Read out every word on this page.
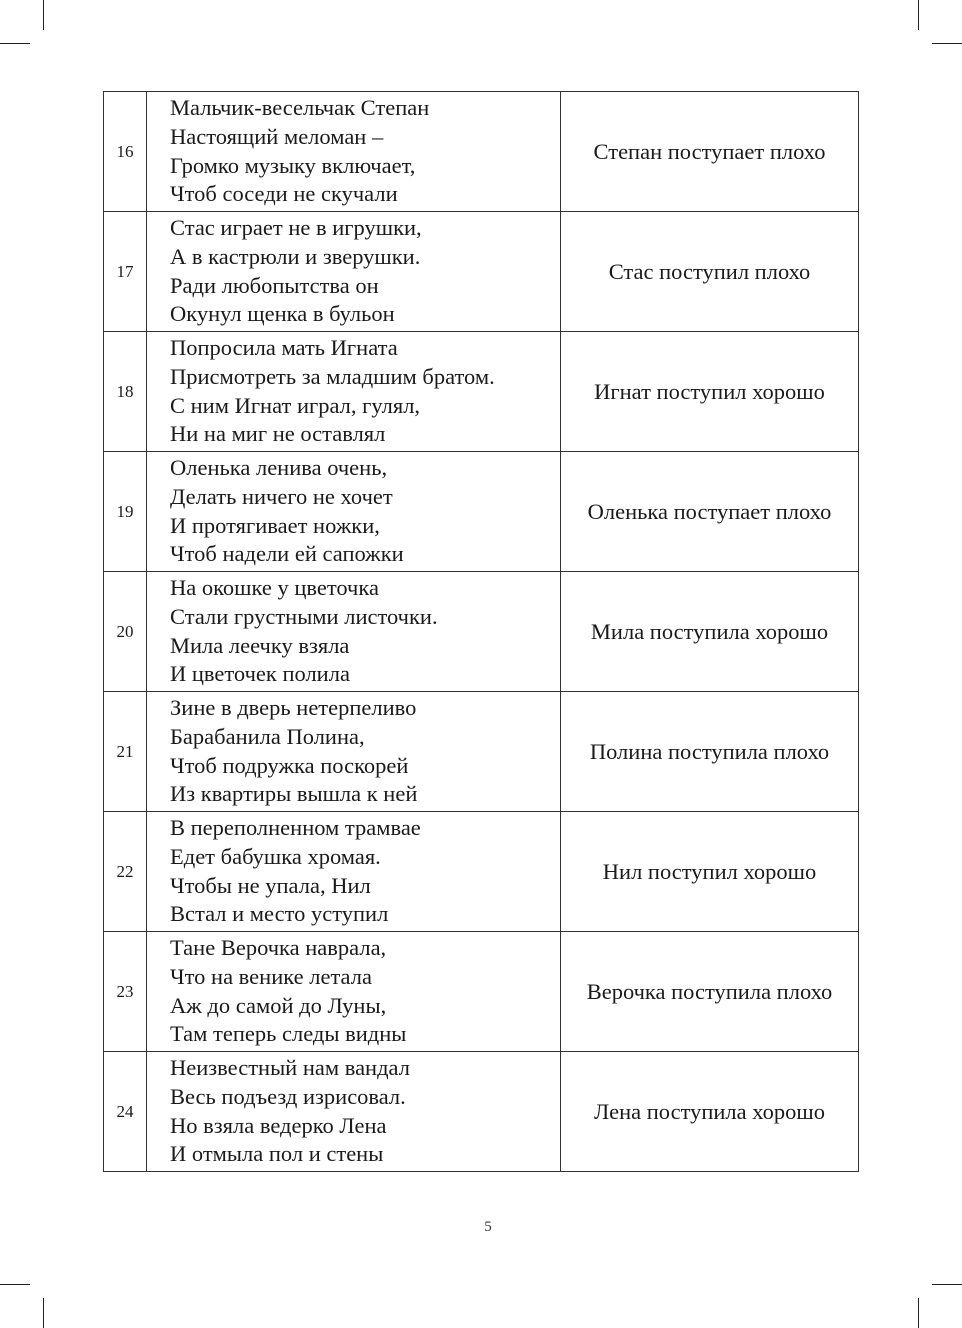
16	Мальчик-весельчак Степан
Настоящий меломан –
Громко музыку включает,
Чтоб соседи не скучали	Степан поступает плохо
17	Стас играет не в игрушки,
А в кастрюли и зверушки.
Ради любопытства он
Окунул щенка в бульон	Стас поступил плохо
18	Попросила мать Игната
Присмотреть за младшим братом.
С ним Игнат играл, гулял,
Ни на миг не оставлял	Игнат поступил хорошо
19	Оленька ленива очень,
Делать ничего не хочет
И протягивает ножки,
Чтоб надели ей сапожки	Оленька поступает плохо
20	На окошке у цветочка
Стали грустными листочки.
Мила леечку взяла
И цветочек полила	Мила поступила хорошо
21	Зине в дверь нетерпеливо
Барабанила Полина,
Чтоб подружка поскорей
Из квартиры вышла к ней	Полина поступила плохо
22	В переполненном трамвае
Едет бабушка хромая.
Чтобы не упала, Нил
Встал и место уступил	Нил поступил хорошо
23	Тане Верочка наврала,
Что на венике летала
Аж до самой до Луны,
Там теперь следы видны	Верочка поступила плохо
24	Неизвестный нам вандал
Весь подъезд изрисовал.
Но взяла ведерко Лена
И отмыла пол и стены	Лена поступила хорошо
5
